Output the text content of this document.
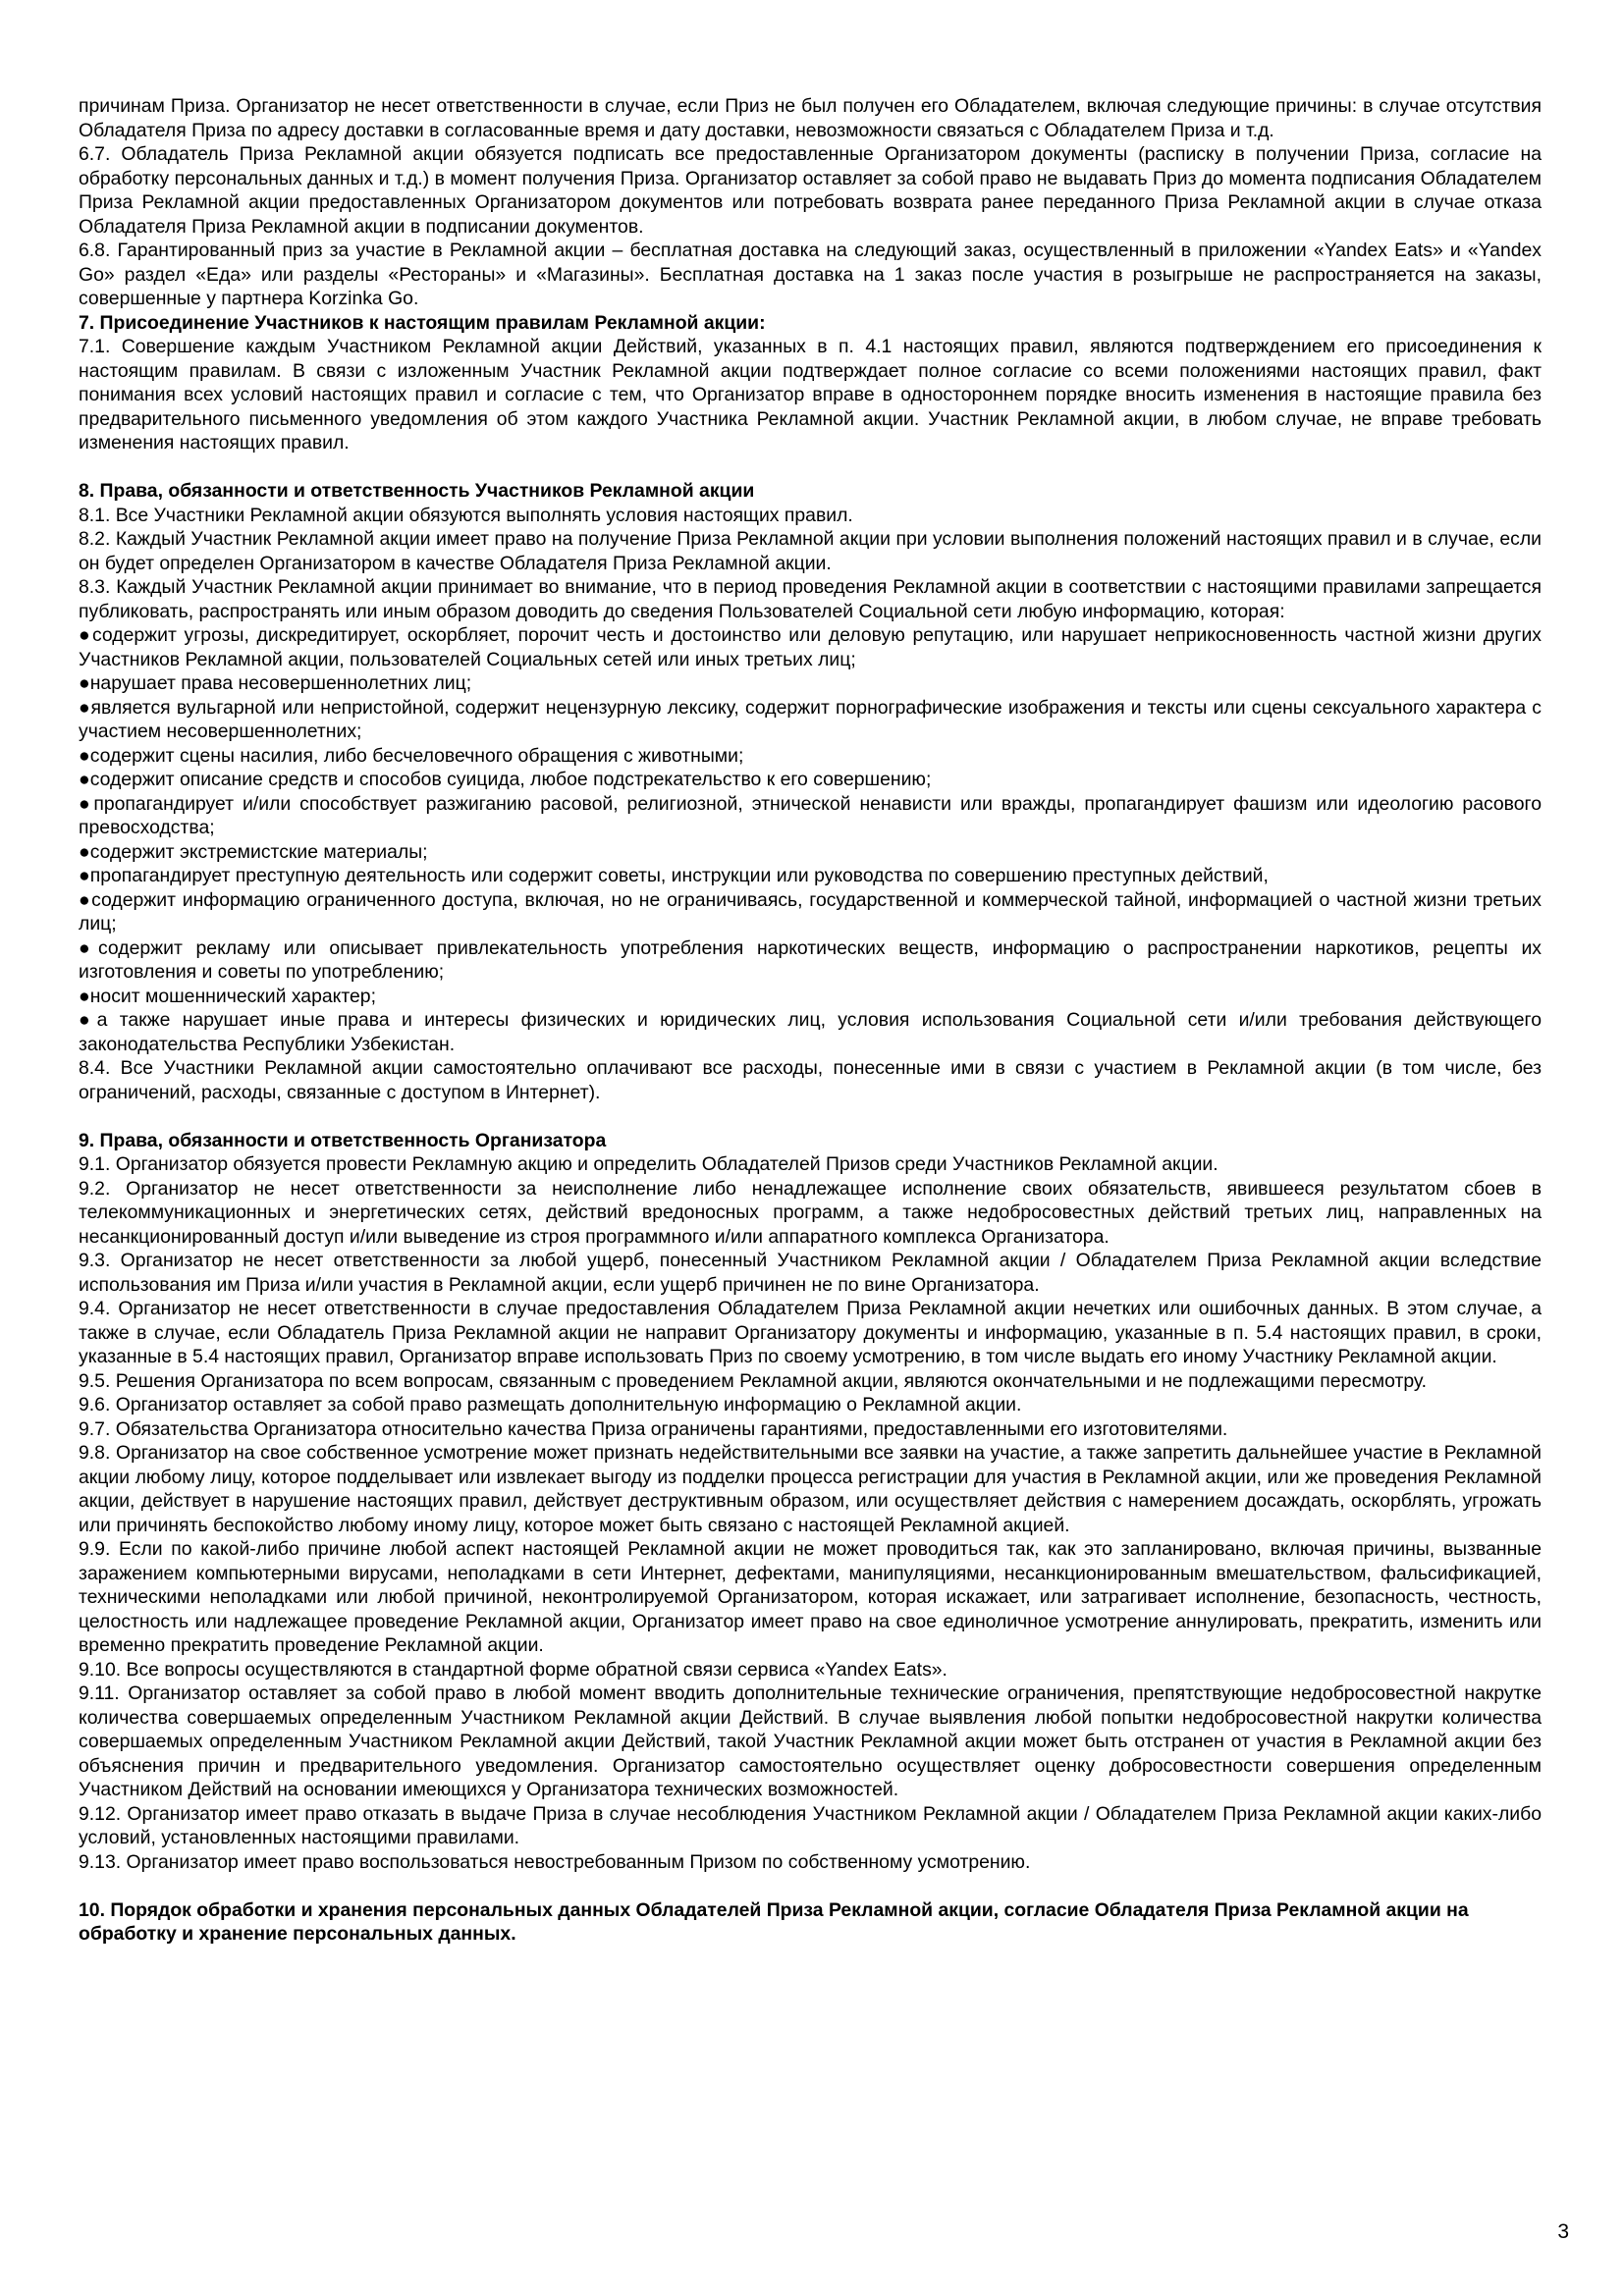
причинам Приза. Организатор не несет ответственности в случае, если Приз не был получен его Обладателем, включая следующие причины: в случае отсутствия Обладателя Приза по адресу доставки в согласованные время и дату доставки, невозможности связаться с Обладателем Приза и т.д.

6.7. Обладатель Приза Рекламной акции обязуется подписать все предоставленные Организатором документы (расписку в получении Приза, согласие на обработку персональных данных и т.д.) в момент получения Приза. Организатор оставляет за собой право не выдавать Приз до момента подписания Обладателем Приза Рекламной акции предоставленных Организатором документов или потребовать возврата ранее переданного Приза Рекламной акции в случае отказа Обладателя Приза Рекламной акции в подписании документов.

6.8. Гарантированный приз за участие в Рекламной акции – бесплатная доставка на следующий заказ, осуществленный в приложении «Yandex Eats» и «Yandex Go» раздел «Еда» или разделы «Рестораны» и «Магазины». Бесплатная доставка на 1 заказ после участия в розыгрыше не распространяется на заказы, совершенные у партнера Korzinka Go.

7. Присоединение Участников к настоящим правилам Рекламной акции:

7.1. Совершение каждым Участником Рекламной акции Действий, указанных в п. 4.1 настоящих правил, являются подтверждением его присоединения к настоящим правилам. В связи с изложенным Участник Рекламной акции подтверждает полное согласие со всеми положениями настоящих правил, факт понимания всех условий настоящих правил и согласие с тем, что Организатор вправе в одностороннем порядке вносить изменения в настоящие правила без предварительного письменного уведомления об этом каждого Участника Рекламной акции. Участник Рекламной акции, в любом случае, не вправе требовать изменения настоящих правил.

8. Права, обязанности и ответственность Участников Рекламной акции

8.1. Все Участники Рекламной акции обязуются выполнять условия настоящих правил.

8.2. Каждый Участник Рекламной акции имеет право на получение Приза Рекламной акции при условии выполнения положений настоящих правил и в случае, если он будет определен Организатором в качестве Обладателя Приза Рекламной акции.

8.3. Каждый Участник Рекламной акции принимает во внимание, что в период проведения Рекламной акции в соответствии с настоящими правилами запрещается публиковать, распространять или иным образом доводить до сведения Пользователей Социальной сети любую информацию, которая:

●содержит угрозы, дискредитирует, оскорбляет, порочит честь и достоинство или деловую репутацию, или нарушает неприкосновенность частной жизни других Участников Рекламной акции, пользователей Социальных сетей или иных третьих лиц;

●нарушает права несовершеннолетних лиц;

●является вульгарной или непристойной, содержит нецензурную лексику, содержит порнографические изображения и тексты или сцены сексуального характера с участием несовершеннолетних;

●содержит сцены насилия, либо бесчеловечного обращения с животными;

●содержит описание средств и способов суицида, любое подстрекательство к его совершению;

●пропагандирует и/или способствует разжиганию расовой, религиозной, этнической ненависти или вражды, пропагандирует фашизм или идеологию расового превосходства;

●содержит экстремистские материалы;

●пропагандирует преступную деятельность или содержит советы, инструкции или руководства по совершению преступных действий,

●содержит информацию ограниченного доступа, включая, но не ограничиваясь, государственной и коммерческой тайной, информацией о частной жизни третьих лиц;

●содержит рекламу или описывает привлекательность употребления наркотических веществ, информацию о распространении наркотиков, рецепты их изготовления и советы по употреблению;

●носит мошеннический характер;

●а также нарушает иные права и интересы физических и юридических лиц, условия использования Социальной сети и/или требования действующего законодательства Республики Узбекистан.

8.4. Все Участники Рекламной акции самостоятельно оплачивают все расходы, понесенные ими в связи с участием в Рекламной акции (в том числе, без ограничений, расходы, связанные с доступом в Интернет).

9. Права, обязанности и ответственность Организатора

9.1. Организатор обязуется провести Рекламную акцию и определить Обладателей Призов среди Участников Рекламной акции.

9.2. Организатор не несет ответственности за неисполнение либо ненадлежащее исполнение своих обязательств, явившееся результатом сбоев в телекоммуникационных и энергетических сетях, действий вредоносных программ, а также недобросовестных действий третьих лиц, направленных на несанкционированный доступ и/или выведение из строя программного и/или аппаратного комплекса Организатора.

9.3. Организатор не несет ответственности за любой ущерб, понесенный Участником Рекламной акции / Обладателем Приза Рекламной акции вследствие использования им Приза и/или участия в Рекламной акции, если ущерб причинен не по вине Организатора.

9.4. Организатор не несет ответственности в случае предоставления Обладателем Приза Рекламной акции нечетких или ошибочных данных. В этом случае, а также в случае, если Обладатель Приза Рекламной акции не направит Организатору документы и информацию, указанные в п. 5.4 настоящих правил, в сроки, указанные в 5.4 настоящих правил, Организатор вправе использовать Приз по своему усмотрению, в том числе выдать его иному Участнику Рекламной акции.

9.5. Решения Организатора по всем вопросам, связанным с проведением Рекламной акции, являются окончательными и не подлежащими пересмотру.

9.6. Организатор оставляет за собой право размещать дополнительную информацию о Рекламной акции.

9.7. Обязательства Организатора относительно качества Приза ограничены гарантиями, предоставленными его изготовителями.

9.8. Организатор на свое собственное усмотрение может признать недействительными все заявки на участие, а также запретить дальнейшее участие в Рекламной акции любому лицу, которое подделывает или извлекает выгоду из подделки процесса регистрации для участия в Рекламной акции, или же проведения Рекламной акции, действует в нарушение настоящих правил, действует деструктивным образом, или осуществляет действия с намерением досаждать, оскорблять, угрожать или причинять беспокойство любому иному лицу, которое может быть связано с настоящей Рекламной акцией.

9.9. Если по какой-либо причине любой аспект настоящей Рекламной акции не может проводиться так, как это запланировано, включая причины, вызванные заражением компьютерными вирусами, неполадками в сети Интернет, дефектами, манипуляциями, несанкционированным вмешательством, фальсификацией, техническими неполадками или любой причиной, неконтролируемой Организатором, которая искажает, или затрагивает исполнение, безопасность, честность, целостность или надлежащее проведение Рекламной акции, Организатор имеет право на свое единоличное усмотрение аннулировать, прекратить, изменить или временно прекратить проведение Рекламной акции.

9.10. Все вопросы осуществляются в стандартной форме обратной связи сервиса «Yandex Eats».

9.11. Организатор оставляет за собой право в любой момент вводить дополнительные технические ограничения, препятствующие недобросовестной накрутке количества совершаемых определенным Участником Рекламной акции Действий. В случае выявления любой попытки недобросовестной накрутки количества совершаемых определенным Участником Рекламной акции Действий, такой Участник Рекламной акции может быть отстранен от участия в Рекламной акции без объяснения причин и предварительного уведомления. Организатор самостоятельно осуществляет оценку добросовестности совершения определенным Участником Действий на основании имеющихся у Организатора технических возможностей.

9.12. Организатор имеет право отказать в выдаче Приза в случае несоблюдения Участником Рекламной акции / Обладателем Приза Рекламной акции каких-либо условий, установленных настоящими правилами.

9.13. Организатор имеет право воспользоваться невостребованным Призом по собственному усмотрению.

10. Порядок обработки и хранения персональных данных Обладателей Приза Рекламной акции, согласие Обладателя Приза Рекламной акции на обработку и хранение персональных данных.

3
